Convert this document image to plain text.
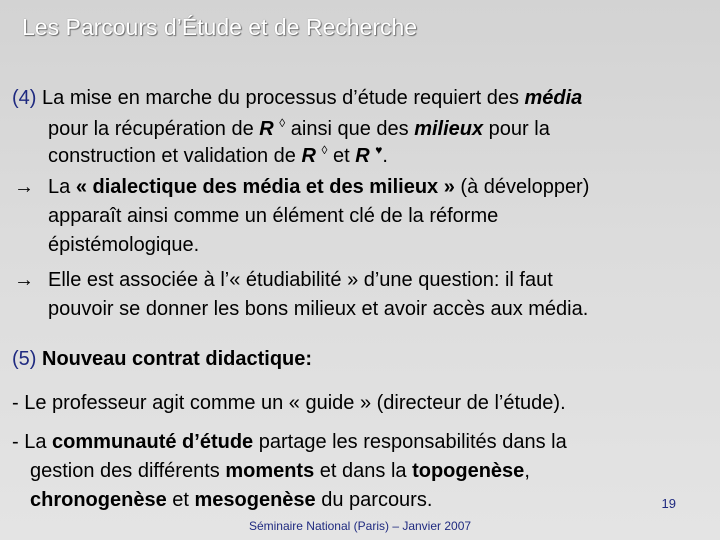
Les Parcours d’Étude et de Recherche
(4) La mise en marche du processus d’étude requiert des média
pour la récupération de R ◊ ainsi que des milieux pour la
construction et validation de R ◊ et R ♥.
→ La « dialectique des média et des milieux » (à développer)
apparaît ainsi comme un élément clé de la réforme
épistémologique.
→ Elle est associée à l’« étudiabilité » d’une question: il faut
pouvoir se donner les bons milieux et avoir accès aux média.
(5) Nouveau contrat didactique:
- Le professeur agit comme un « guide » (directeur de l’étude).
- La communauté d’étude partage les responsabilités dans la
gestion des différents moments et dans la topogenèse,
chronogenèse et mesogenèse du parcours.	19
Séminaire National (Paris) – Janvier 2007
